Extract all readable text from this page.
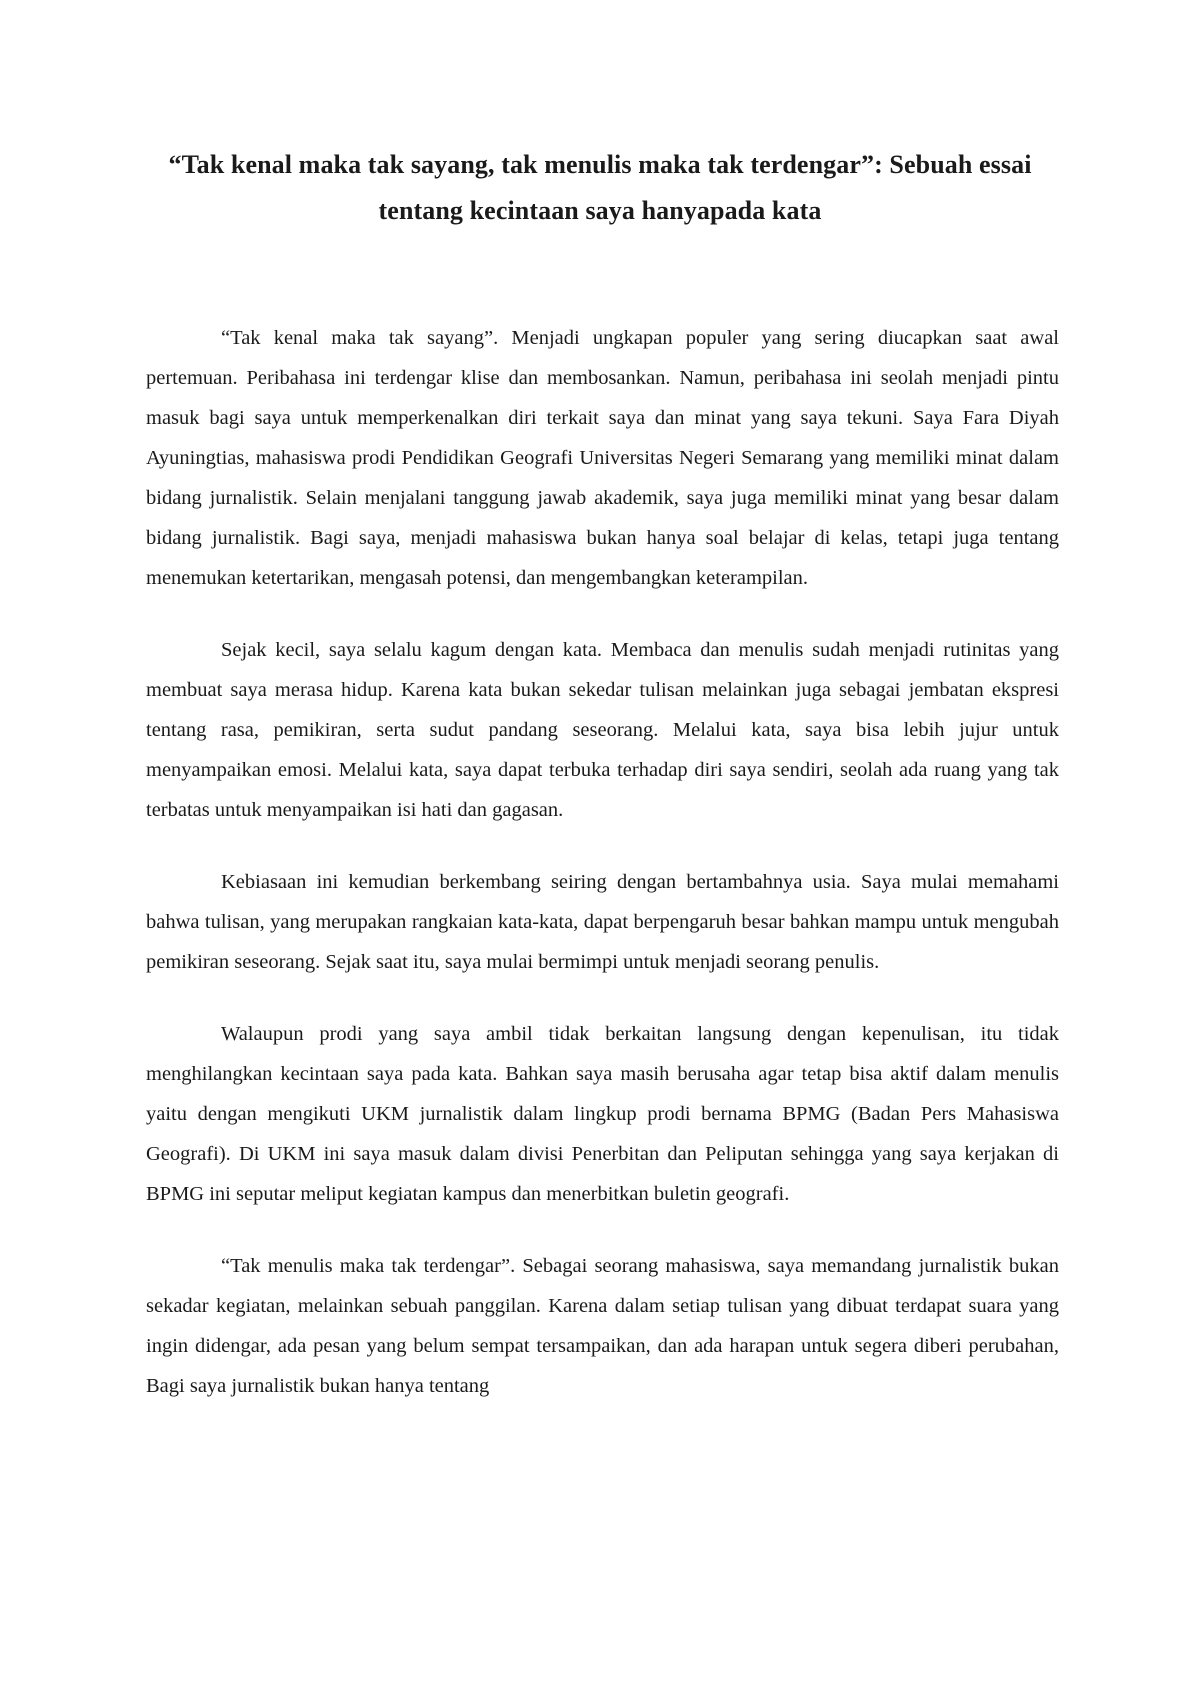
“Tak kenal maka tak sayang, tak menulis maka tak terdengar”: Sebuah essai tentang kecintaan saya hanyapada kata

“Tak kenal maka tak sayang”. Menjadi ungkapan populer yang sering diucapkan saat awal pertemuan. Peribahasa ini terdengar klise dan membosankan. Namun, peribahasa ini seolah menjadi pintu masuk bagi saya untuk memperkenalkan diri terkait saya dan minat yang saya tekuni. Saya Fara Diyah Ayuningtias, mahasiswa prodi Pendidikan Geografi Universitas Negeri Semarang yang memiliki minat dalam bidang jurnalistik. Selain menjalani tanggung jawab akademik, saya juga memiliki minat yang besar dalam bidang jurnalistik. Bagi saya, menjadi mahasiswa bukan hanya soal belajar di kelas, tetapi juga tentang menemukan ketertarikan, mengasah potensi, dan mengembangkan keterampilan.

Sejak kecil, saya selalu kagum dengan kata. Membaca dan menulis sudah menjadi rutinitas yang membuat saya merasa hidup. Karena kata bukan sekedar tulisan melainkan juga sebagai jembatan ekspresi tentang rasa, pemikiran, serta sudut pandang seseorang. Melalui kata, saya bisa lebih jujur untuk menyampaikan emosi. Melalui kata, saya dapat terbuka terhadap diri saya sendiri, seolah ada ruang yang tak terbatas untuk menyampaikan isi hati dan gagasan.

Kebiasaan ini kemudian berkembang seiring dengan bertambahnya usia. Saya mulai memahami bahwa tulisan, yang merupakan rangkaian kata-kata, dapat berpengaruh besar bahkan mampu untuk mengubah pemikiran seseorang. Sejak saat itu, saya mulai bermimpi untuk menjadi seorang penulis.

Walaupun prodi yang saya ambil tidak berkaitan langsung dengan kepenulisan, itu tidak menghilangkan kecintaan saya pada kata. Bahkan saya masih berusaha agar tetap bisa aktif dalam menulis yaitu dengan mengikuti UKM jurnalistik dalam lingkup prodi bernama BPMG (Badan Pers Mahasiswa Geografi). Di UKM ini saya masuk dalam divisi Penerbitan dan Peliputan sehingga yang saya kerjakan di BPMG ini seputar meliput kegiatan kampus dan menerbitkan buletin geografi.

“Tak menulis maka tak terdengar”. Sebagai seorang mahasiswa, saya memandang jurnalistik bukan sekadar kegiatan, melainkan sebuah panggilan. Karena dalam setiap tulisan yang dibuat terdapat suara yang ingin didengar, ada pesan yang belum sempat tersampaikan, dan ada harapan untuk segera diberi perubahan, Bagi saya jurnalistik bukan hanya tentang
